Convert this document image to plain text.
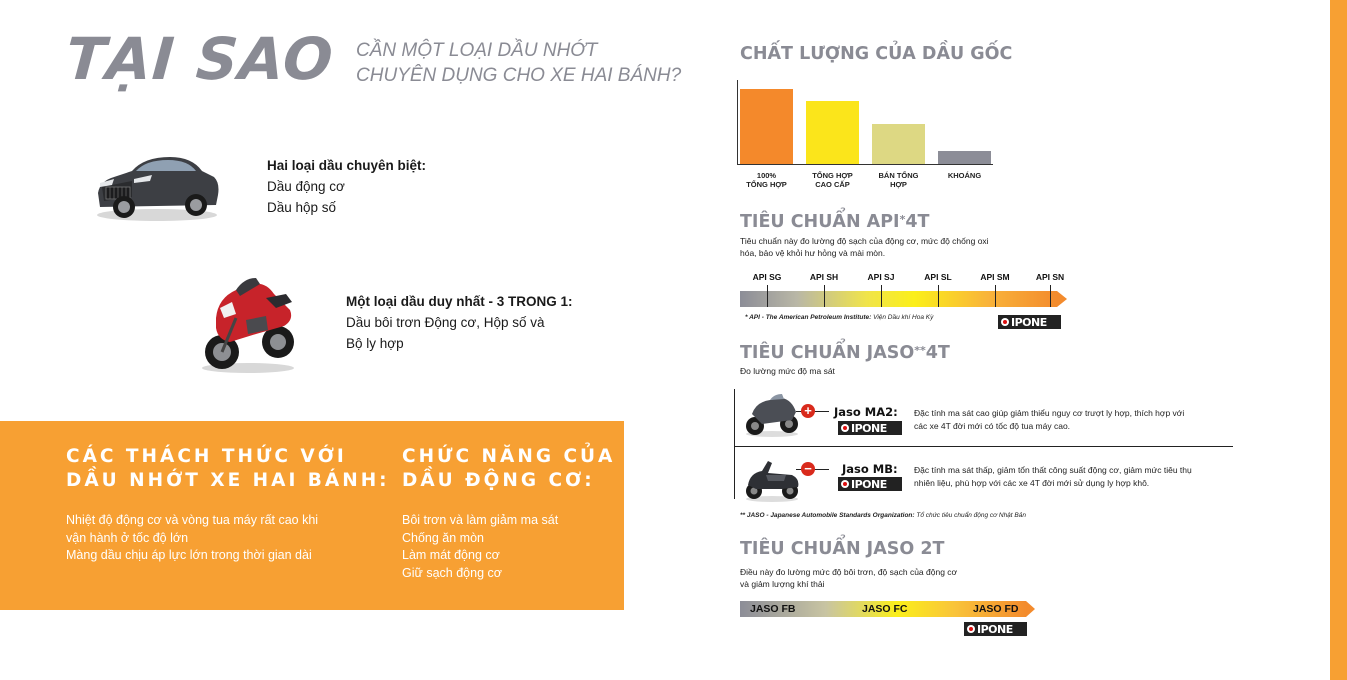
TẠI SAO CẦN MỘT LOẠI DẦU NHỚT
CHUYÊN DỤNG CHO XE HAI BÁNH?
Hai loại dầu chuyên biệt:
Dầu động cơ
Dầu hộp số
Một loại dầu duy nhất - 3 TRONG 1:
Dầu bôi trơn Động cơ, Hộp số và
Bộ ly hợp
CÁC THÁCH THỨC VỚI
DẦU NHỚT XE HAI BÁNH:
Nhiệt độ động cơ và vòng tua máy rất cao khi
vận hành ở tốc độ lớn
Màng dầu chịu áp lực lớn trong thời gian dài
CHỨC NĂNG CỦA
DẦU ĐỘNG CƠ:
Bôi trơn và làm giảm ma sát
Chống ăn mòn
Làm mát động cơ
Giữ sạch động cơ
CHẤT LƯỢNG CỦA DẦU GỐC
100%
TỔNG HỢP
TỔNG HỢP
CAO CẤP
BÁN TỔNG
HỢP
KHOÁNG
TIÊU CHUẨN API*4T
Tiêu chuẩn này đo lường độ sạch của động cơ, mức độ chống oxi
hóa, bảo vệ khỏi hư hỏng và mài mòn.
API SG	API SH	API SJ	API SL	API SM	API SN
* API - The American Petroleum Institute: Viện Dầu khí Hoa Kỳ	IPONE
TIÊU CHUẨN JASO**4T
Đo lường mức độ ma sát
+ Jaso MA2:
IPONE
Đặc tính ma sát cao giúp giảm thiểu nguy cơ trượt ly hợp, thích hợp với
các xe 4T đời mới có tốc độ tua máy cao.
−	Jaso MB:
IPONE
Đặc tính ma sát thấp, giảm tổn thất công suất động cơ, giảm mức tiêu thụ
nhiên liệu, phù hợp với các xe 4T đời mới sử dụng ly hợp khô.
** JASO - Japanese Automobile Standards Organization: Tổ chức tiêu chuẩn động cơ Nhật Bản
TIÊU CHUẨN JASO 2T
Điều này đo lường mức độ bôi trơn, độ sạch của động cơ
và giảm lượng khí thải
JASO FB	JASO FC	JASO FD
IPONE
